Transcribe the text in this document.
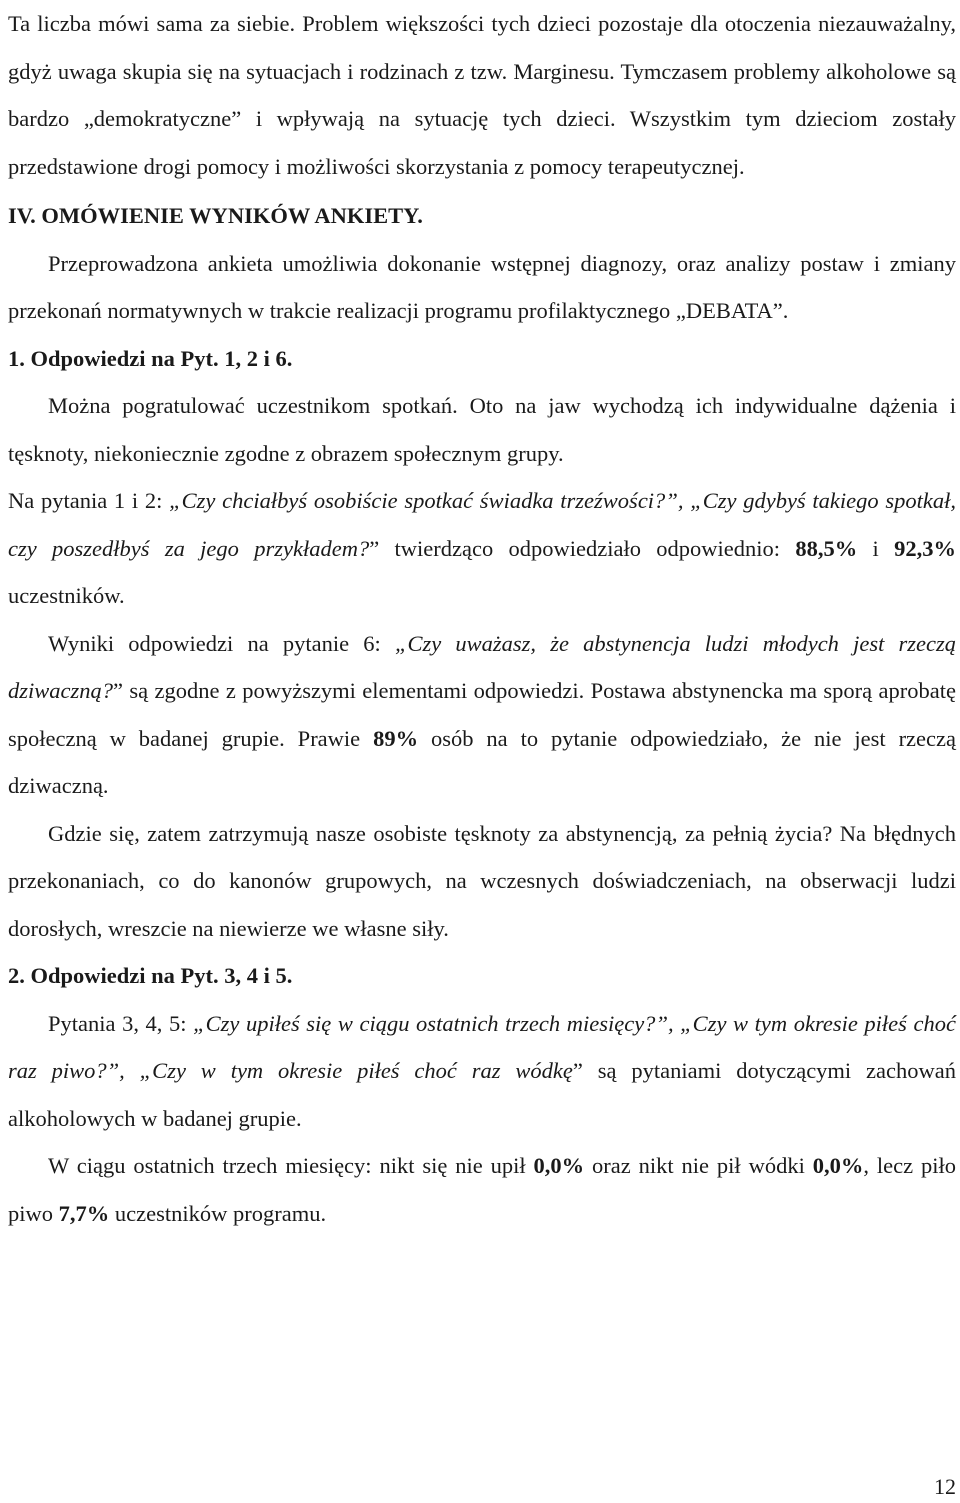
Ta liczba mówi sama za siebie. Problem większości tych dzieci pozostaje dla otoczenia niezauważalny, gdyż uwaga skupia się na sytuacjach i rodzinach z tzw. Marginesu. Tymczasem problemy alkoholowe są bardzo „demokratyczne” i wpływają na sytuację tych dzieci. Wszystkim tym dzieciom zostały przedstawione drogi pomocy i możliwości skorzystania z pomocy terapeutycznej.

IV. OMÓWIENIE WYNIKÓW ANKIETY.

Przeprowadzona ankieta umożliwia dokonanie wstępnej diagnozy, oraz analizy postaw i zmiany przekonań normatywnych w trakcie realizacji programu profilaktycznego „DEBATA”.

1. Odpowiedzi na Pyt. 1, 2 i 6.

Można pogratulować uczestnikom spotkań. Oto na jaw wychodzą ich indywidualne dążenia i tęsknoty, niekoniecznie zgodne z obrazem społecznym grupy.

Na pytania 1 i 2: „Czy chciałbyś osobiście spotkać świadka trzeźwości?”, „Czy gdybyś takiego spotkał, czy poszedłbyś za jego przykładem?” twierdząco odpowiedziało odpowiednio: 88,5% i 92,3% uczestników.

Wyniki odpowiedzi na pytanie 6: „Czy uważasz, że abstynencja ludzi młodych jest rzeczą dziwaczną?” są zgodne z powyższymi elementami odpowiedzi. Postawa abstynencka ma sporą aprobatę społeczną w badanej grupie. Prawie 89% osób na to pytanie odpowiedziało, że nie jest rzeczą dziwaczną.

Gdzie się, zatem zatrzymują nasze osobiste tęsknoty za abstynencją, za pełnią życia? Na błędnych przekonaniach, co do kanonów grupowych, na wczesnych doświadczeniach, na obserwacji ludzi dorosłych, wreszcie na niewierze we własne siły.

2. Odpowiedzi na Pyt. 3, 4 i 5.

Pytania 3, 4, 5: „Czy upiłeś się w ciągu ostatnich trzech miesięcy?”, „Czy w tym okresie piłeś choć raz piwo?”, „Czy w tym okresie piłeś choć raz wódkę” są pytaniami dotyczącymi zachowań alkoholowych w badanej grupie.

W ciągu ostatnich trzech miesięcy: nikt się nie upił 0,0% oraz nikt nie pił wódki 0,0%, lecz piło piwo 7,7% uczestników programu.

12
